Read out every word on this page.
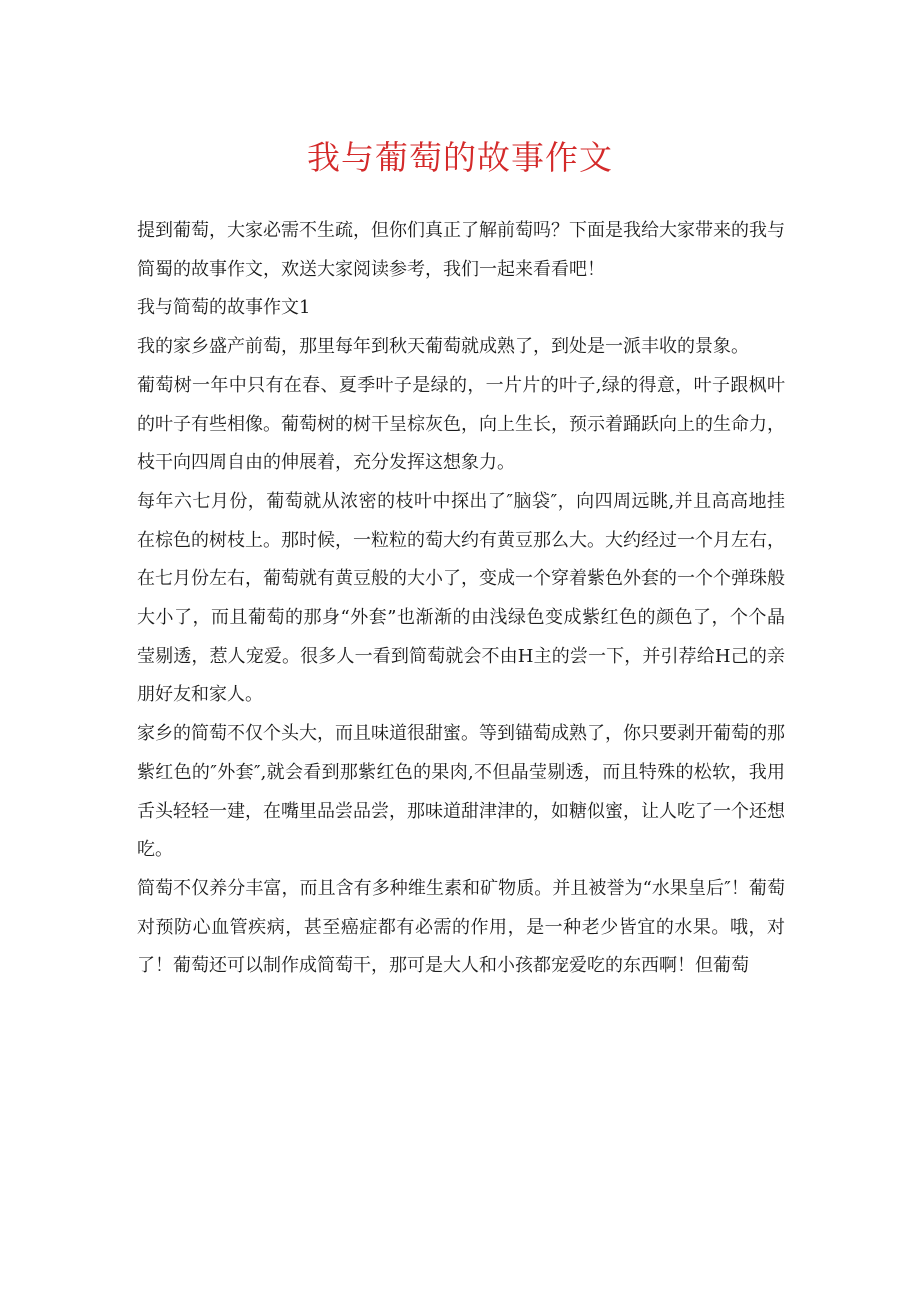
我与葡萄的故事作文

提到葡萄，大家必需不生疏，但你们真正了解前萄吗？下面是我给大家带来的我与简蜀的故事作文，欢送大家阅读参考，我们一起来看看吧！

我与简萄的故事作文1

我的家乡盛产前萄，那里每年到秋天葡萄就成熟了，到处是一派丰收的景象。

葡萄树一年中只有在春、夏季叶子是绿的，一片片的叶子,绿的得意，叶子跟枫叶的叶子有些相像。葡萄树的树干呈棕灰色，向上生长，预示着踊跃向上的生命力，枝干向四周自由的伸展着，充分发挥这想象力。

每年六七月份，葡萄就从浓密的枝叶中探出了″脑袋″，向四周远眺,并且高高地挂在棕色的树枝上。那时候，一粒粒的萄大约有黄豆那么大。大约经过一个月左右，在七月份左右，葡萄就有黄豆般的大小了，变成一个穿着紫色外套的一个个弹珠般大小了，而且葡萄的那身“外套”也渐渐的由浅绿色变成紫红色的颜色了，个个晶莹剔透，惹人宠爱。很多人一看到简萄就会不由H主的尝一下，并引荐给H己的亲朋好友和家人。

家乡的简萄不仅个头大，而且味道很甜蜜。等到锚萄成熟了，你只要剥开葡萄的那紫红色的″外套″,就会看到那紫红色的果肉,不但晶莹剔透，而且特殊的松软，我用舌头轻轻一建，在嘴里品尝品尝，那味道甜津津的，如糖似蜜，让人吃了一个还想吃。

简萄不仅养分丰富，而且含有多种维生素和矿物质。并且被誉为“水果皇后″！葡萄对预防心血管疾病，甚至癌症都有必需的作用，是一种老少皆宜的水果。哦，对了！葡萄还可以制作成简萄干，那可是大人和小孩都宠爱吃的东西啊！但葡萄
